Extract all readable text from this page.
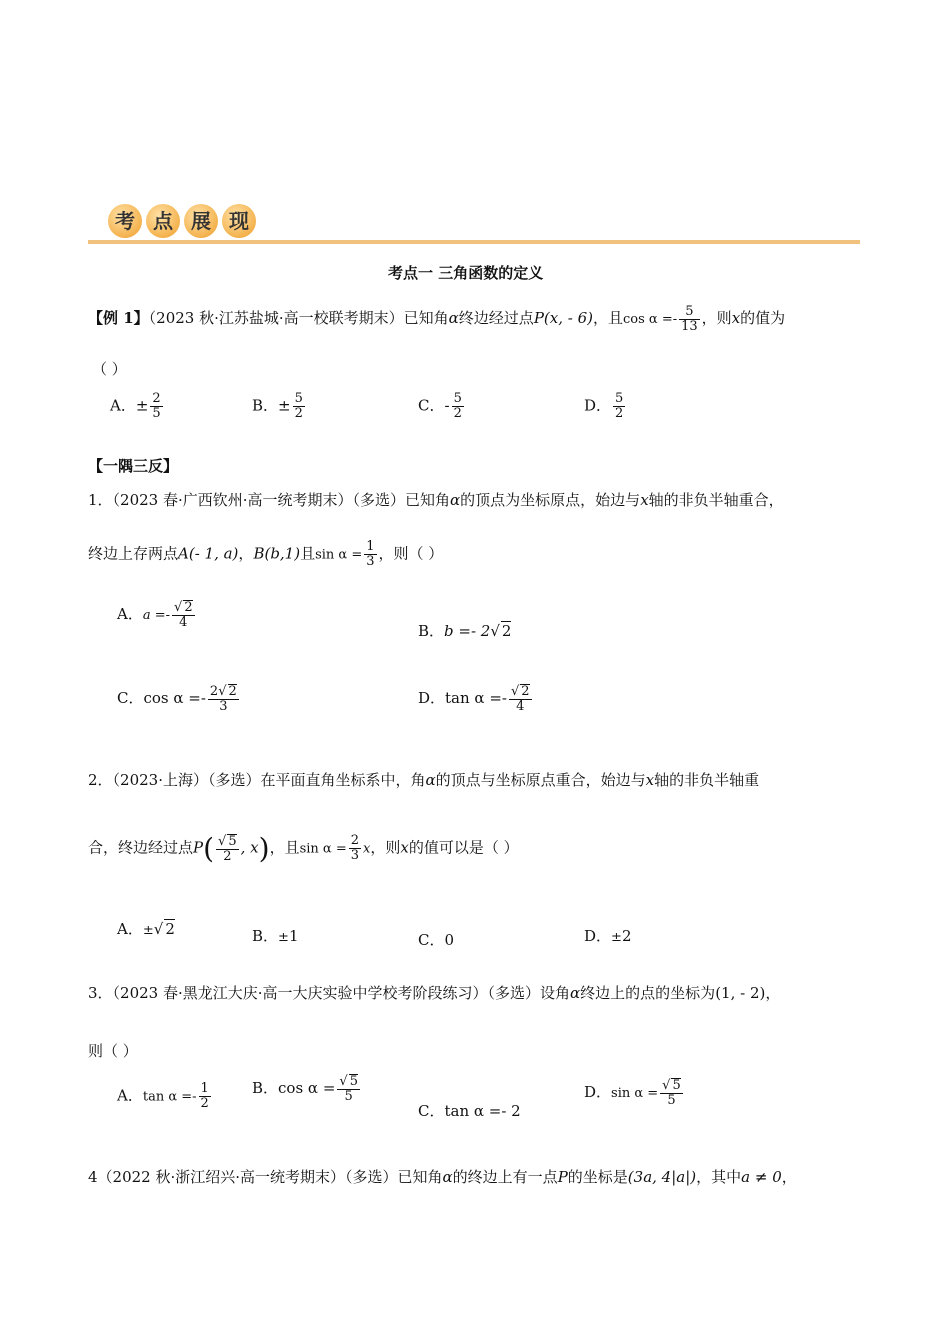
考 点 展 现
考点一 三角函数的定义
【例 1】（2023 秋·江苏盐城·高一校联考期末）已知角α终边经过点P(x, - 6)，且$\cos \alpha =- \frac{5}{13}$ ，则x的值为
（ ）
A．± $\frac{2}{5}$	B．± $\frac{5}{2}$	C．- $\frac{5}{2}$	D． $\frac{5}{2}$
【一隅三反】
1．（2023 春·广西钦州·高一统考期末）（多选）已知角α的顶点为坐标原点，始边与x轴的非负半轴重合，
终边上存两点A(- 1, a)，B(b,1)且$\sin \alpha = \frac{1}{3}$ ，则（ ）
A．$a =- \frac{√ 2}{4}$
B．b =- 2√ 2
C．$\cos \alpha =- \frac{2√ 2}{3}$	D．$\tan \alpha =- \frac{√ 2}{4}$
2．（2023·上海）（多选）在平面直角坐标系中，角α的顶点与坐标原点重合，始边与x轴的非负半轴重
合，终边经过点$P( \frac{√ 5}{2}$ , x)，且$\sin \alpha = \frac{2}{3}$ x，则x的值可以是（ ）
A．±√ 2	B．±1	C．0	D．±2
3．（2023 春·黑龙江大庆·高一大庆实验中学校考阶段练习）（多选）设角α终边上的点的坐标为(1, - 2)，
则（ ）
A．$\tan \alpha =- \frac{1}{2}$	B．$\cos \alpha = \frac{√ 5}{5}$
C．tan α =- 2
D．$\sin \alpha = \frac{√ 5}{5}$
4（2022 秋·浙江绍兴·高一统考期末）（多选）已知角α的终边上有一点P的坐标是(3a, 4|a|)，其中a ≠ 0，
